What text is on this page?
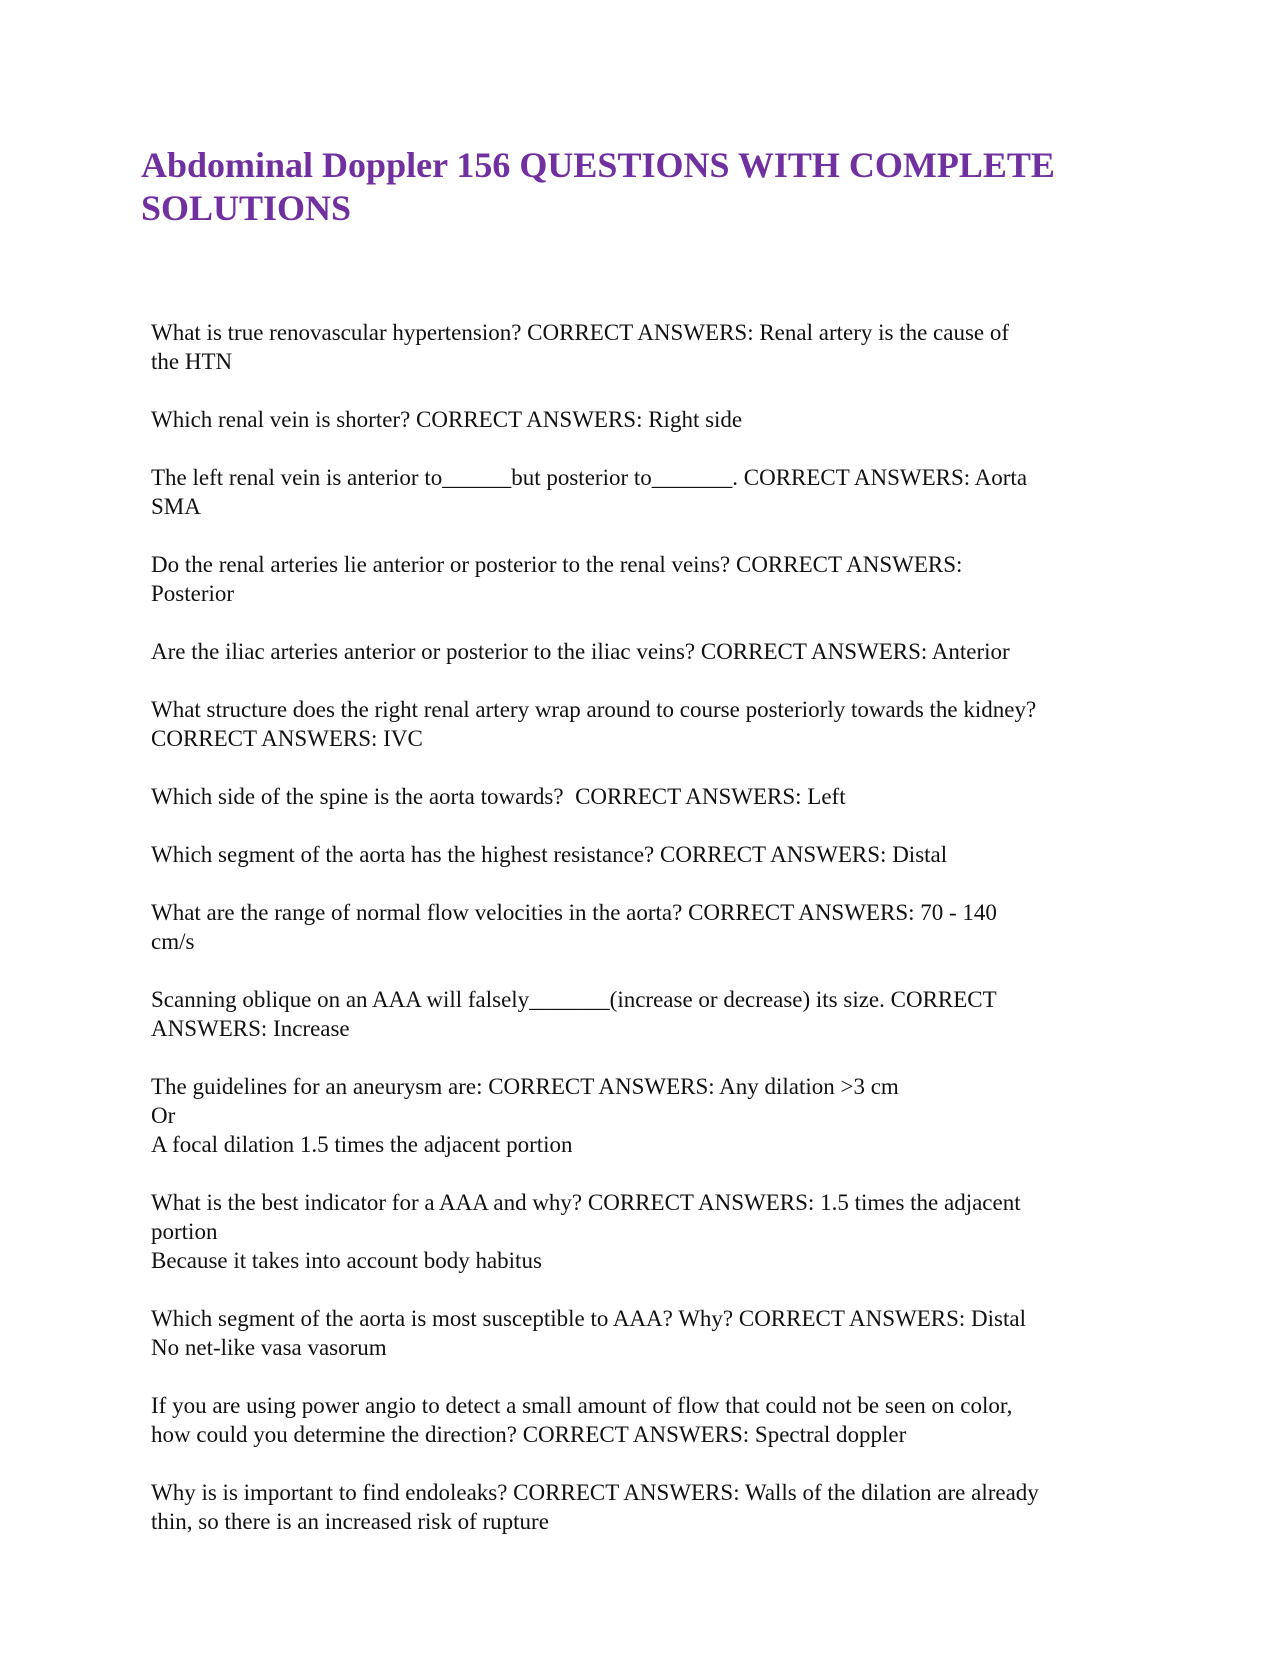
Abdominal Doppler 156 QUESTIONS WITH COMPLETE
SOLUTIONS
What is true renovascular hypertension? CORRECT ANSWERS: Renal artery is the cause of
the HTN
Which renal vein is shorter? CORRECT ANSWERS: Right side
The left renal vein is anterior to______but posterior to_______. CORRECT ANSWERS: Aorta
SMA
Do the renal arteries lie anterior or posterior to the renal veins? CORRECT ANSWERS:
Posterior
Are the iliac arteries anterior or posterior to the iliac veins? CORRECT ANSWERS: Anterior
What structure does the right renal artery wrap around to course posteriorly towards the kidney?
CORRECT ANSWERS: IVC
Which side of the spine is the aorta towards?  CORRECT ANSWERS: Left
Which segment of the aorta has the highest resistance? CORRECT ANSWERS: Distal
What are the range of normal flow velocities in the aorta? CORRECT ANSWERS: 70 - 140
cm/s
Scanning oblique on an AAA will falsely_______(increase or decrease) its size. CORRECT
ANSWERS: Increase
The guidelines for an aneurysm are: CORRECT ANSWERS: Any dilation >3 cm
Or
A focal dilation 1.5 times the adjacent portion
What is the best indicator for a AAA and why? CORRECT ANSWERS: 1.5 times the adjacent
portion
Because it takes into account body habitus
Which segment of the aorta is most susceptible to AAA? Why? CORRECT ANSWERS: Distal
No net-like vasa vasorum
If you are using power angio to detect a small amount of flow that could not be seen on color,
how could you determine the direction? CORRECT ANSWERS: Spectral doppler
Why is is important to find endoleaks? CORRECT ANSWERS: Walls of the dilation are already
thin, so there is an increased risk of rupture
